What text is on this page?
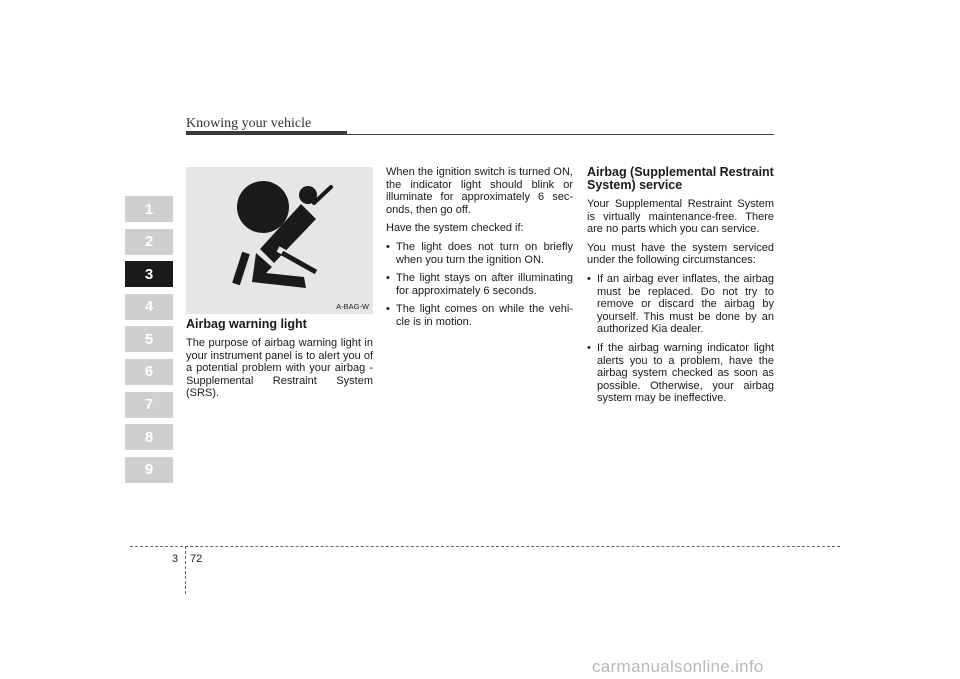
Knowing your vehicle
1
2
3
4
5
6
7
8
9
A-BAG-W
Airbag warning light

The purpose of airbag warning light in your instrument panel is to alert you of a potential problem with your airbag - Supplemental Restraint System (SRS).

When the ignition switch is turned ON, the indicator light should blink or illuminate for approximately 6 sec- onds, then go off.

Have the system checked if:

• The light does not turn on briefly when you turn the ignition ON.
• The light stays on after illuminating for approximately 6 seconds.
• The light comes on while the vehi- cle is in motion.
Airbag (Supplemental Restraint System) service

Your Supplemental Restraint System is virtually maintenance-free. There are no parts which you can service.

You must have the system serviced under the following circumstances:

• If an airbag ever inflates, the airbag must be replaced. Do not try to remove or discard the airbag by yourself. This must be done by an authorized Kia dealer.
• If the airbag warning indicator light alerts you to a problem, have the airbag system checked as soon as possible. Otherwise, your airbag system may be ineffective.
3 72
carmanualsonline.info
